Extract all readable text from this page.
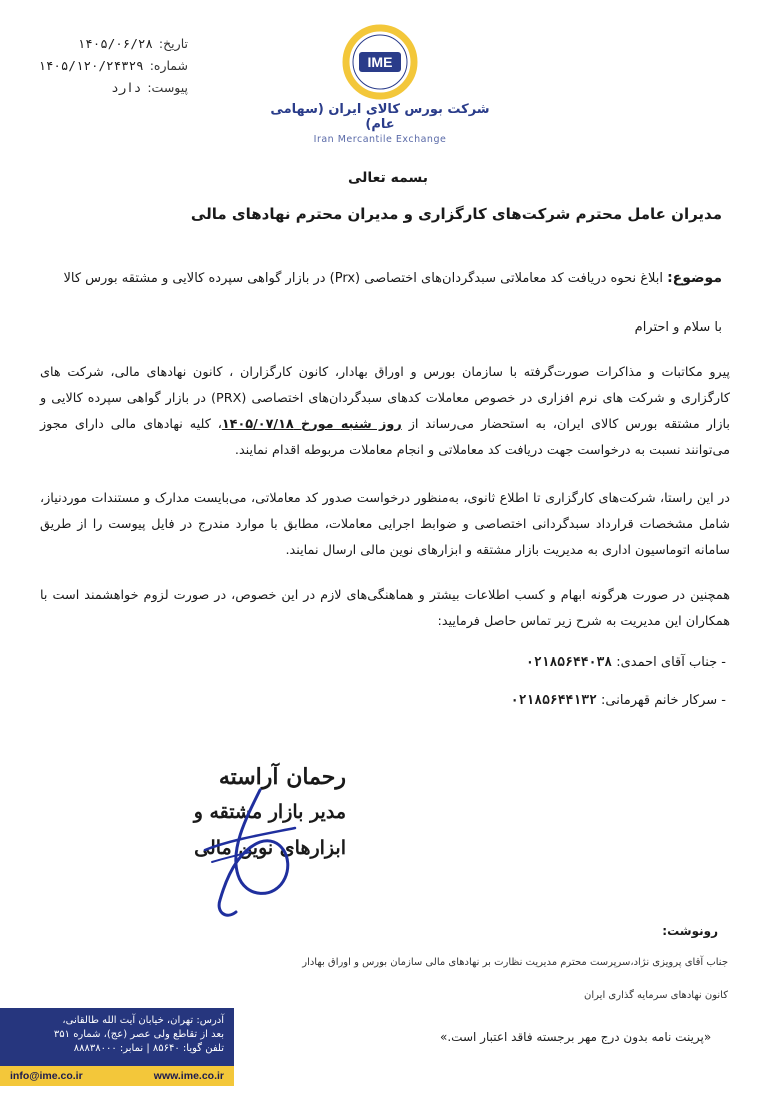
تاریخ:
۱۴۰۵/۰۶/۲۸
شماره:
۱۴۰۵/۱۲۰/۲۴۳۲۹
پیوست:
دارد
IME
شرکت بورس کالای ایران (سهامی عام)
Iran Mercantile Exchange
بسمه تعالی
مدیران عامل محترم شرکت‌های کارگزاری و مدیران محترم نهادهای مالی
موضوع: ابلاغ نحوه دریافت کد معاملاتی سبدگردان‌های اختصاصی (Prx) در بازار گواهی سپرده کالایی و مشتقه بورس کالا
با سلام و احترام
پیرو مکاتبات و مذاکرات صورت‌گرفته با سازمان بورس و اوراق بهادار، کانون کارگزاران ، کانون نهادهای مالی، شرکت های کارگزاری و شرکت های نرم افزاری در خصوص معاملات کدهای سبدگردان‌های اختصاصی (PRX) در بازار گواهی سپرده کالایی و بازار مشتقه بورس کالای ایران، به استحضار می‌رساند از روز شنبه مورخ ۱۴۰۵/۰۷/۱۸، کلیه نهادهای مالی دارای مجوز می‌توانند نسبت به درخواست جهت دریافت کد معاملاتی و انجام معاملات مربوطه اقدام نمایند.
در این راستا، شرکت‌های کارگزاری تا اطلاع ثانوی، به‌منظور درخواست صدور کد معاملاتی، می‌بایست مدارک و مستندات موردنیاز، شامل مشخصات قرارداد سبدگردانی اختصاصی و ضوابط اجرایی معاملات، مطابق با موارد مندرج در فایل پیوست را از طریق سامانه اتوماسیون اداری به مدیریت بازار مشتقه و ابزارهای نوین مالی ارسال نمایند.
همچنین در صورت هرگونه ابهام و کسب اطلاعات بیشتر و هماهنگی‌های لازم در این خصوص، در صورت لزوم خواهشمند است با همکاران این مدیریت به شرح زیر تماس حاصل فرمایید:
- جناب آقای احمدی: ۰۲۱۸۵۶۴۴۰۳۸
- سرکار خانم قهرمانی: ۰۲۱۸۵۶۴۴۱۳۲
رحمان آراسته
مدیر بازار مشتقه و
ابزارهای نوین مالی
رونوشت:
جناب آقای پرویزی نژاد،سرپرست محترم مدیریت نظارت بر نهادهای مالی سازمان بورس و اوراق بهادار
کانون نهادهای سرمایه گذاری ایران
«پرینت نامه بدون درج مهر برجسته فاقد اعتبار است.»
آدرس: تهران، خیابان آیت الله طالقانی،
بعد از تقاطع ولی عصر (عج)، شماره ۳۵۱
تلفن گویا: ۸۵۶۴۰ | نمابر: ۸۸۸۳۸۰۰۰
info@ime.co.ir	www.ime.co.ir
